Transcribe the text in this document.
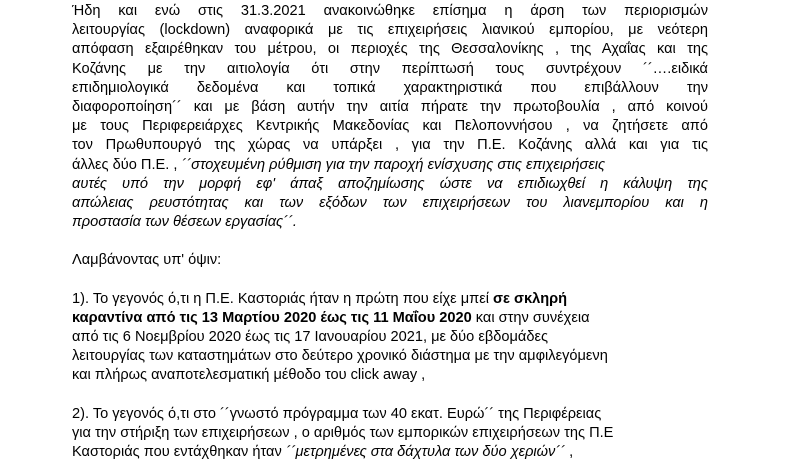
Ήδη και ενώ στις 31.3.2021 ανακοινώθηκε επίσημα η άρση των περιορισμών
λειτουργίας (lockdown) αναφορικά με τις επιχειρήσεις λιανικού εμπορίου, με νεότερη
απόφαση εξαιρέθηκαν του μέτρου, οι περιοχές της Θεσσαλονίκης , της Αχαΐας και της
Κοζάνης με την αιτιολογία ότι στην περίπτωσή τους συντρέχουν ´´….ειδικά
επιδημιολογικά δεδομένα και τοπικά χαρακτηριστικά που επιβάλλουν την
διαφοροποίηση´´ και με βάση αυτήν την αιτία πήρατε την πρωτοβουλία , από κοινού
με τους Περιφερειάρχες Κεντρικής Μακεδονίας και Πελοποννήσου , να ζητήσετε από
τον Πρωθυπουργό της χώρας να υπάρξει , για την Π.Ε. Κοζάνης αλλά και για τις
άλλες δύο Π.Ε. , ´´στοχευμένη ρύθμιση για την παροχή ενίσχυσης στις επιχειρήσεις
αυτές υπό την μορφή εφ' άπαξ αποζημίωσης ώστε να επιδιωχθεί η κάλυψη της
απώλειας ρευστότητας και των εξόδων των επιχειρήσεων του λιανεμπορίου και η
προστασία των θέσεων εργασίας´´.
Λαμβάνοντας υπ' όψιν:
1). Το γεγονός ό,τι η Π.Ε. Καστοριάς ήταν η πρώτη που είχε μπεί σε σκληρή
καραντίνα από τις 13 Μαρτίου 2020 έως τις 11 Μαΐου 2020 και στην συνέχεια
από τις 6 Νοεμβρίου 2020 έως τις 17 Ιανουαρίου 2021, με δύο εβδομάδες
λειτουργίας των καταστημάτων στο δεύτερο χρονικό διάστημα με την αμφιλεγόμενη
και πλήρως αναποτελεσματική μέθοδο του click away ,
2). Το γεγονός ό,τι στο ´´γνωστό πρόγραμμα των 40 εκατ. Ευρώ´´ της Περιφέρειας
για την στήριξη των επιχειρήσεων , ο αριθμός των εμπορικών επιχειρήσεων της Π.Ε
Καστοριάς που εντάχθηκαν ήταν ´´μετρημένες στα δάχτυλα των δύο χεριών´´ ,
